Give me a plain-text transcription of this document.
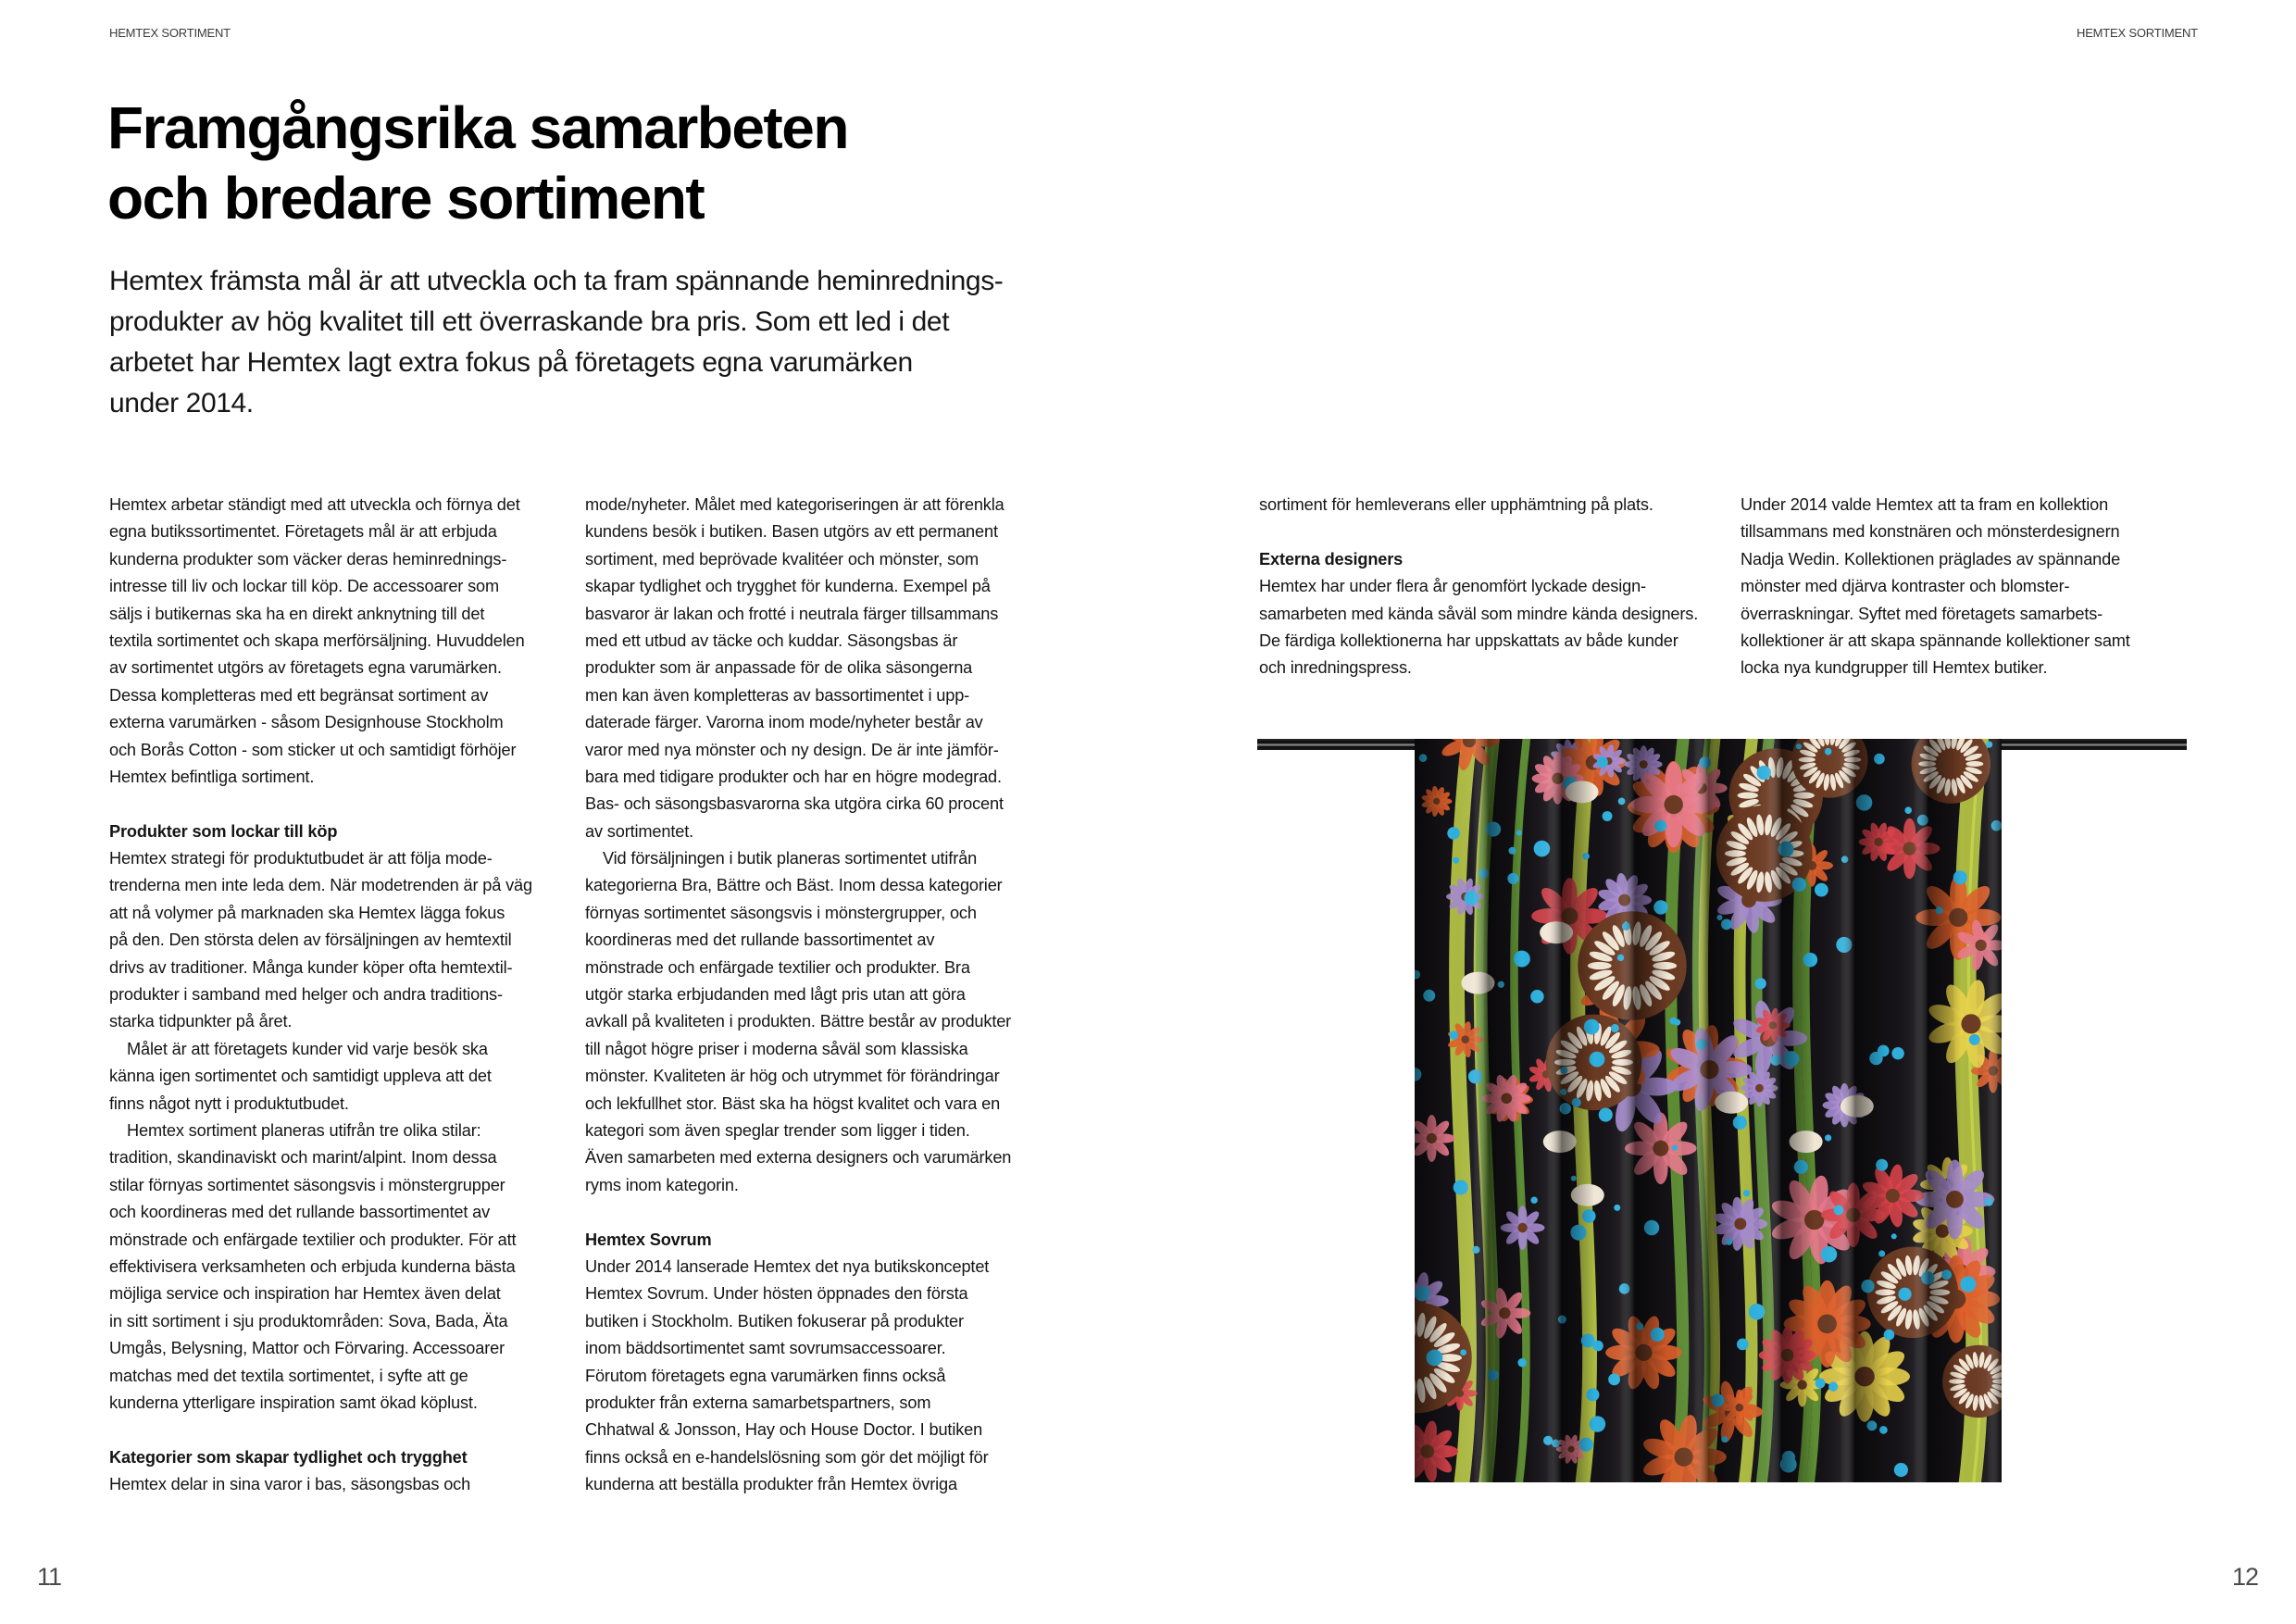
HEMTEX SORTIMENT	HEMTEX SORTIMENT
Framgångsrika samarbeten
och bredare sortiment

Hemtex främsta mål är att utveckla och ta fram spännande heminrednings-
produkter av hög kvalitet till ett överraskande bra pris. Som ett led i det
arbetet har Hemtex lagt extra fokus på företagets egna varumärken
under 2014.

Hemtex arbetar ständigt med att utveckla och förnya det
egna butikssortimentet. Företagets mål är att erbjuda
kunderna produkter som väcker deras heminrednings-
intresse till liv och lockar till köp. De accessoarer som
säljs i butikernas ska ha en direkt anknytning till det
textila sortimentet och skapa merförsäljning. Huvuddelen
av sortimentet utgörs av företagets egna varumärken.
Dessa kompletteras med ett begränsat sortiment av
externa varumärken - såsom Designhouse Stockholm
och Borås Cotton - som sticker ut och samtidigt förhöjer
Hemtex befintliga sortiment.
Produkter som lockar till köp
Hemtex strategi för produktutbudet är att följa mode-
trenderna men inte leda dem. När modetrenden är på väg
att nå volymer på marknaden ska Hemtex lägga fokus
på den. Den största delen av försäljningen av hemtextil
drivs av traditioner. Många kunder köper ofta hemtextil-
produkter i samband med helger och andra traditions-
starka tidpunkter på året.
Målet är att företagets kunder vid varje besök ska
känna igen sortimentet och samtidigt uppleva att det
finns något nytt i produktutbudet.
Hemtex sortiment planeras utifrån tre olika stilar:
tradition, skandinaviskt och marint/alpint. Inom dessa
stilar förnyas sortimentet säsongsvis i mönstergrupper
och koordineras med det rullande bassortimentet av
mönstrade och enfärgade textilier och produkter. För att
effektivisera verksamheten och erbjuda kunderna bästa
möjliga service och inspiration har Hemtex även delat
in sitt sortiment i sju produktområden: Sova, Bada, Äta
Umgås, Belysning, Mattor och Förvaring. Accessoarer
matchas med det textila sortimentet, i syfte att ge
kunderna ytterligare inspiration samt ökad köplust.
Kategorier som skapar tydlighet och trygghet
Hemtex delar in sina varor i bas, säsongsbas och
mode/nyheter. Målet med kategoriseringen är att förenkla
kundens besök i butiken. Basen utgörs av ett permanent
sortiment, med beprövade kvalitéer och mönster, som
skapar tydlighet och trygghet för kunderna. Exempel på
basvaror är lakan och frotté i neutrala färger tillsammans
med ett utbud av täcke och kuddar. Säsongsbas är
produkter som är anpassade för de olika säsongerna
men kan även kompletteras av bassortimentet i upp-
daterade färger. Varorna inom mode/nyheter består av
varor med nya mönster och ny design. De är inte jämför-
bara med tidigare produkter och har en högre modegrad.
Bas- och säsongsbasvarorna ska utgöra cirka 60 procent
av sortimentet.
Vid försäljningen i butik planeras sortimentet utifrån
kategorierna Bra, Bättre och Bäst. Inom dessa kategorier
förnyas sortimentet säsongsvis i mönstergrupper, och
koordineras med det rullande bassortimentet av
mönstrade och enfärgade textilier och produkter. Bra
utgör starka erbjudanden med lågt pris utan att göra
avkall på kvaliteten i produkten. Bättre består av produkter
till något högre priser i moderna såväl som klassiska
mönster. Kvaliteten är hög och utrymmet för förändringar
och lekfullhet stor. Bäst ska ha högst kvalitet och vara en
kategori som även speglar trender som ligger i tiden.
Även samarbeten med externa designers och varumärken
ryms inom kategorin.
Hemtex Sovrum
Under 2014 lanserade Hemtex det nya butikskonceptet
Hemtex Sovrum. Under hösten öppnades den första
butiken i Stockholm. Butiken fokuserar på produkter
inom bäddsortimentet samt sovrumsaccessoarer.
Förutom företagets egna varumärken finns också
produkter från externa samarbetspartners, som
Chhatwal & Jonsson, Hay och House Doctor. I butiken
finns också en e-handelslösning som gör det möjligt för
kunderna att beställa produkter från Hemtex övriga
sortiment för hemleverans eller upphämtning på plats.
Externa designers
Hemtex har under flera år genomfört lyckade design-
samarbeten med kända såväl som mindre kända designers.
De färdiga kollektionerna har uppskattats av både kunder
och inredningspress.
Under 2014 valde Hemtex att ta fram en kollektion
tillsammans med konstnären och mönsterdesignern
Nadja Wedin. Kollektionen präglades av spännande
mönster med djärva kontraster och blomster-
överraskningar. Syftet med företagets samarbets-
kollektioner är att skapa spännande kollektioner samt
locka nya kundgrupper till Hemtex butiker.
11	12
